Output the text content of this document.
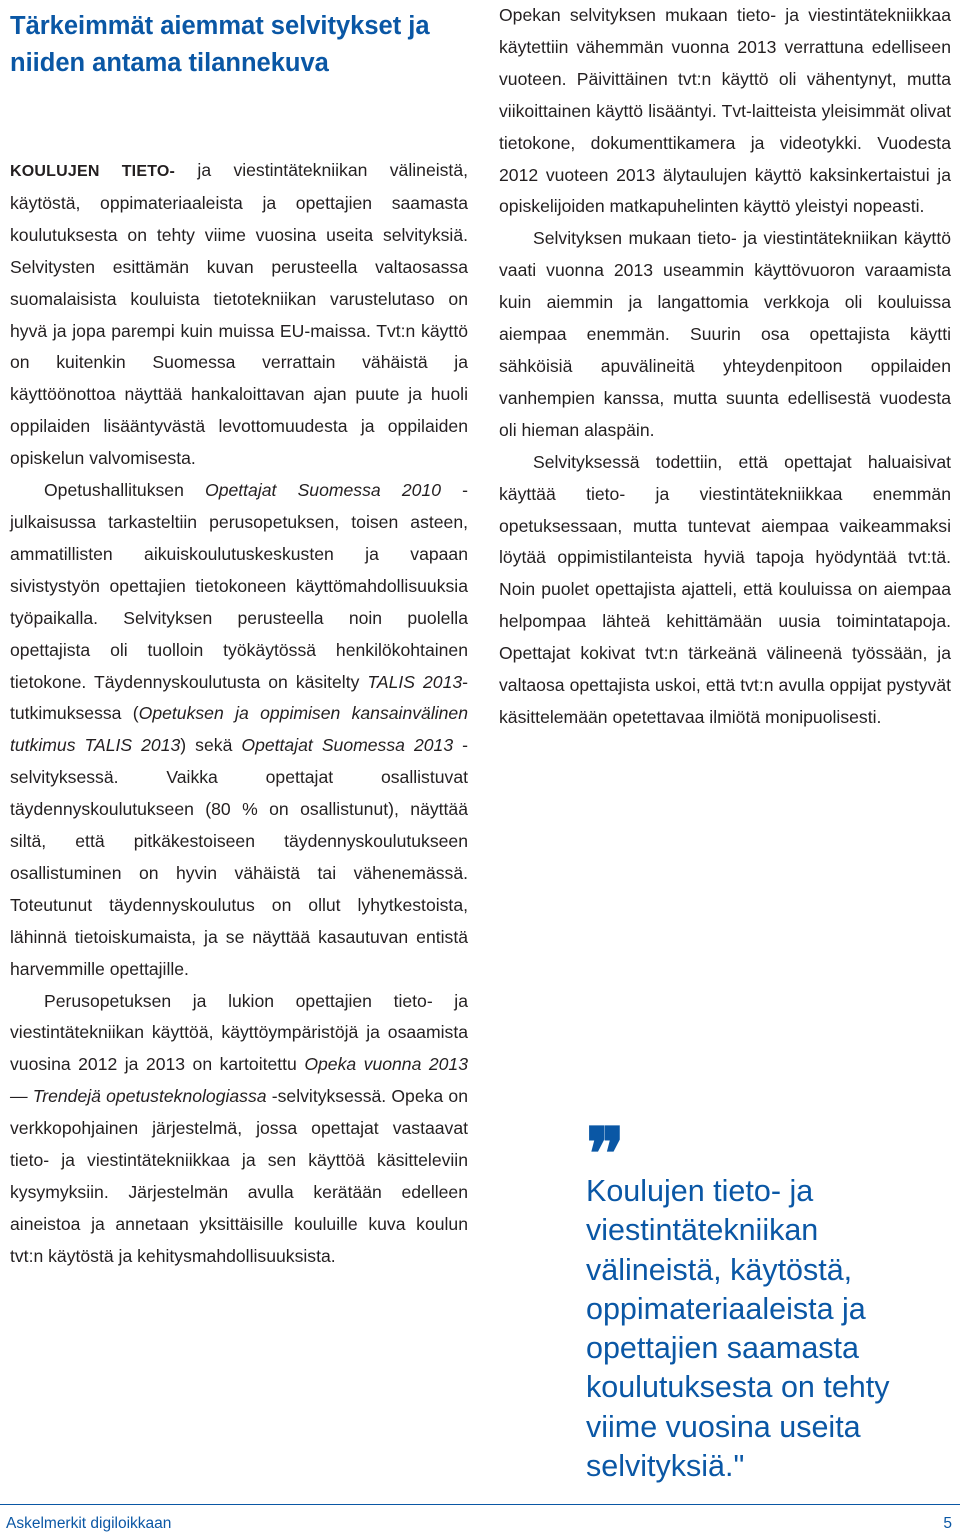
Tärkeimmät aiemmat selvitykset ja niiden antama tilannekuva

KOULUJEN TIETO- ja viestintätekniikan välineistä, käytöstä, oppimateriaaleista ja opettajien saamasta koulutuksesta on tehty viime vuosina useita selvityksiä. Selvitysten esittämän kuvan perusteella valtaosassa suomalaisista kouluista tietotekniikan varustelutaso on hyvä ja jopa parempi kuin muissa EU-maissa. Tvt:n käyttö on kuitenkin Suomessa verrattain vähäistä ja käyttöönottoa näyttää hankaloittavan ajan puute ja huoli oppilaiden lisääntyvästä levottomuudesta ja oppilaiden opiskelun valvomisesta.

Opetushallituksen Opettajat Suomessa 2010 -julkaisussa tarkasteltiin perusopetuksen, toisen asteen, ammatillisten aikuiskoulutuskeskusten ja vapaan sivistystyön opettajien tietokoneen käyttömahdollisuuksia työpaikalla. Selvityksen perusteella noin puolella opettajista oli tuolloin työkäytössä henkilökohtainen tietokone. Täydennyskoulutusta on käsitelty TALIS 2013-tutkimuksessa (Opetuksen ja oppimisen kansainvälinen tutkimus TALIS 2013) sekä Opettajat Suomessa 2013 -selvityksessä. Vaikka opettajat osallistuvat täydennyskoulutukseen (80 % on osallistunut), näyttää siltä, että pitkäkestoiseen täydennyskoulutukseen osallistuminen on hyvin vähäistä tai vähenemässä. Toteutunut täydennyskoulutus on ollut lyhytkestoista, lähinnä tietoiskumaista, ja se näyttää kasautuvan entistä harvemmille opettajille.

Perusopetuksen ja lukion opettajien tieto- ja viestintätekniikan käyttöä, käyttöympäristöjä ja osaamista vuosina 2012 ja 2013 on kartoitettu Opeka vuonna 2013 — Trendejä opetusteknologiassa -selvityksessä. Opeka on verkkopohjainen järjestelmä, jossa opettajat vastaavat tieto- ja viestintätekniikkaa ja sen käyttöä käsitteleviin kysymyksiin. Järjestelmän avulla kerätään edelleen aineistoa ja annetaan yksittäisille kouluille kuva koulun tvt:n käytöstä ja kehitysmahdollisuuksista.

Opekan selvityksen mukaan tieto- ja viestintätekniikkaa käytettiin vähemmän vuonna 2013 verrattuna edelliseen vuoteen. Päivittäinen tvt:n käyttö oli vähentynyt, mutta viikoittainen käyttö lisääntyi. Tvt-laitteista yleisimmät olivat tietokone, dokumenttikamera ja videotykki. Vuodesta 2012 vuoteen 2013 älytaulujen käyttö kaksinkertaistui ja opiskelijoiden matkapuhelinten käyttö yleistyi nopeasti.

Selvityksen mukaan tieto- ja viestintätekniikan käyttö vaati vuonna 2013 useammin käyttövuoron varaamista kuin aiemmin ja langattomia verkkoja oli kouluissa aiempaa enemmän. Suurin osa opettajista käytti sähköisiä apuvälineitä yhteydenpitoon oppilaiden vanhempien kanssa, mutta suunta edellisestä vuodesta oli hieman alaspäin.

Selvityksessä todettiin, että opettajat haluaisivat käyttää tieto- ja viestintätekniikkaa enemmän opetuksessaan, mutta tuntevat aiempaa vaikeammaksi löytää oppimistilanteista hyviä tapoja hyödyntää tvt:tä. Noin puolet opettajista ajatteli, että kouluissa on aiempaa helpompaa lähteä kehittämään uusia toimintatapoja. Opettajat kokivat tvt:n tärkeänä välineenä työssään, ja valtaosa opettajista uskoi, että tvt:n avulla oppijat pystyvät käsittelemään opetettavaa ilmiötä monipuolisesti.

❞

Koulujen tieto- ja viestintätekniikan välineistä, käytöstä, oppimateriaaleista ja opettajien saamasta koulutuksesta on tehty viime vuosina useita selvityksiä."

Askelmerkit digiloikkaan	5
